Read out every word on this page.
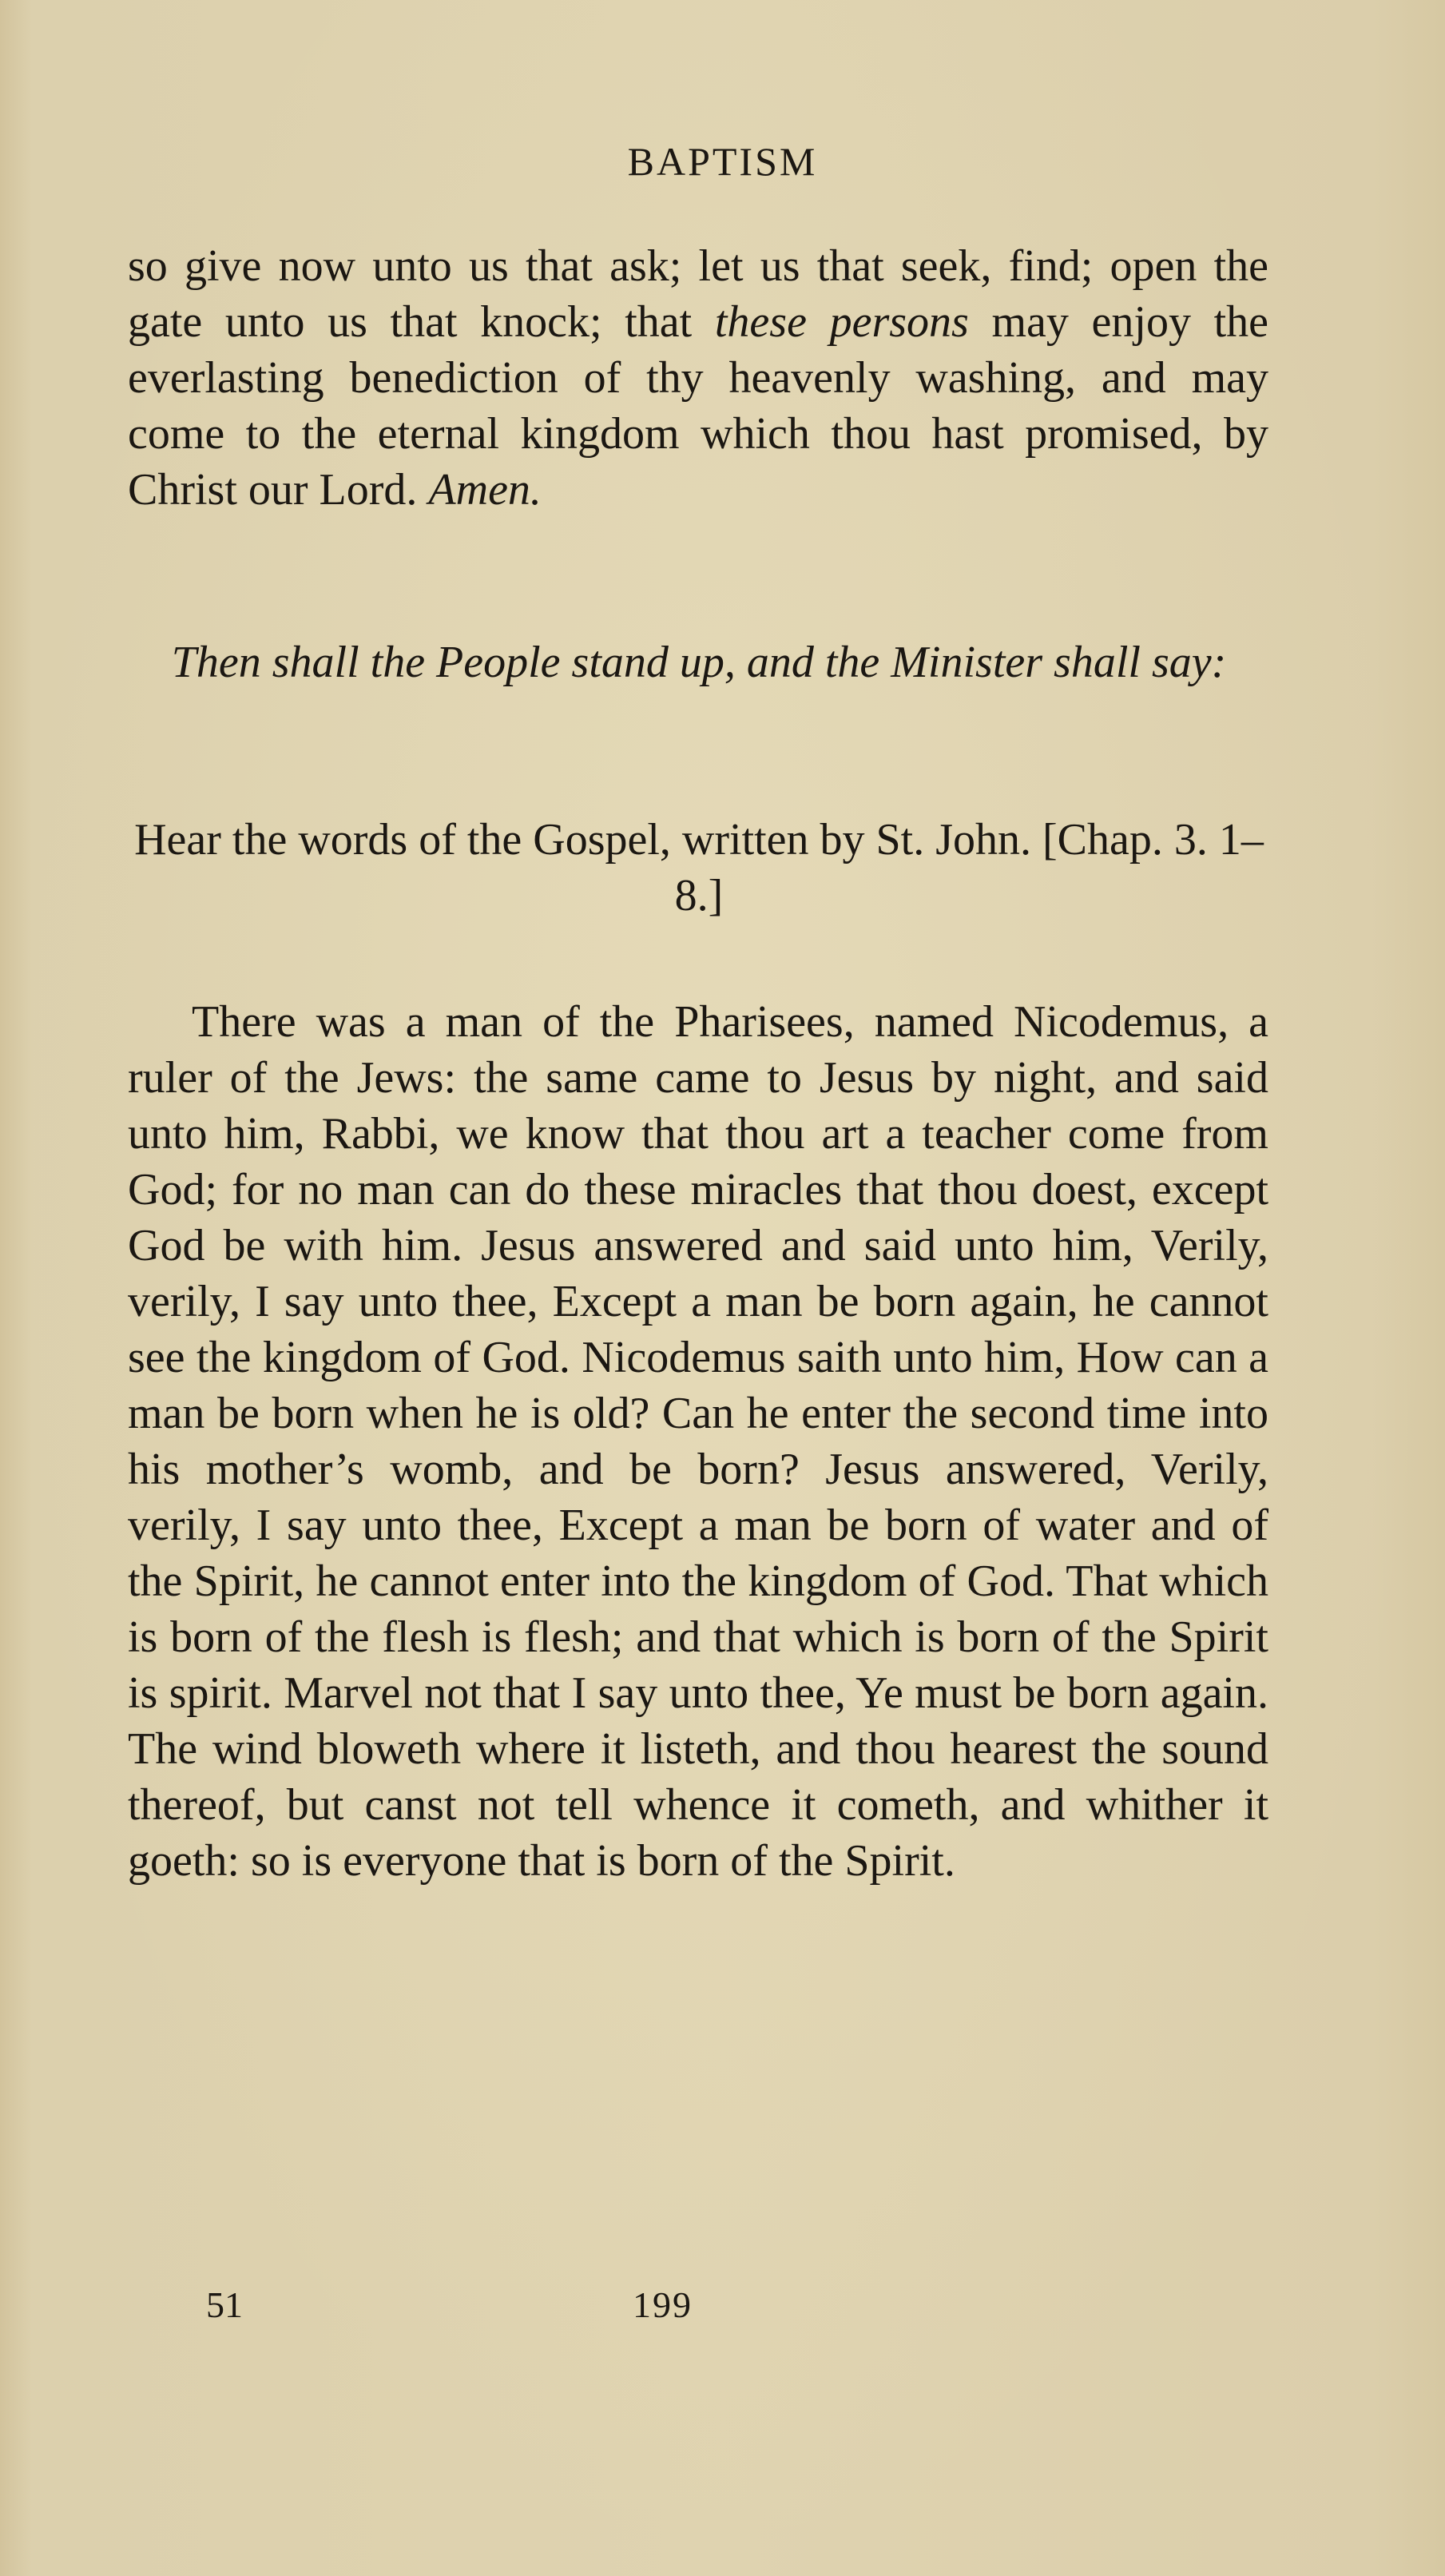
BAPTISM

so give now unto us that ask; let us that seek, find; open the gate unto us that knock; that these persons may enjoy the everlasting benediction of thy heavenly washing, and may come to the eternal kingdom which thou hast promised, by Christ our Lord. Amen.

Then shall the People stand up, and the Minister shall say:

Hear the words of the Gospel, written by St. John. [Chap. 3. 1–8.]

There was a man of the Pharisees, named Nicodemus, a ruler of the Jews: the same came to Jesus by night, and said unto him, Rabbi, we know that thou art a teacher come from God; for no man can do these miracles that thou doest, except God be with him. Jesus answered and said unto him, Verily, verily, I say unto thee, Except a man be born again, he cannot see the kingdom of God. Nicodemus saith unto him, How can a man be born when he is old? Can he enter the second time into his mother’s womb, and be born? Jesus answered, Verily, verily, I say unto thee, Except a man be born of water and of the Spirit, he cannot enter into the kingdom of God. That which is born of the flesh is flesh; and that which is born of the Spirit is spirit. Marvel not that I say unto thee, Ye must be born again. The wind bloweth where it listeth, and thou hearest the sound thereof, but canst not tell whence it cometh, and whither it goeth: so is everyone that is born of the Spirit.

51	199
